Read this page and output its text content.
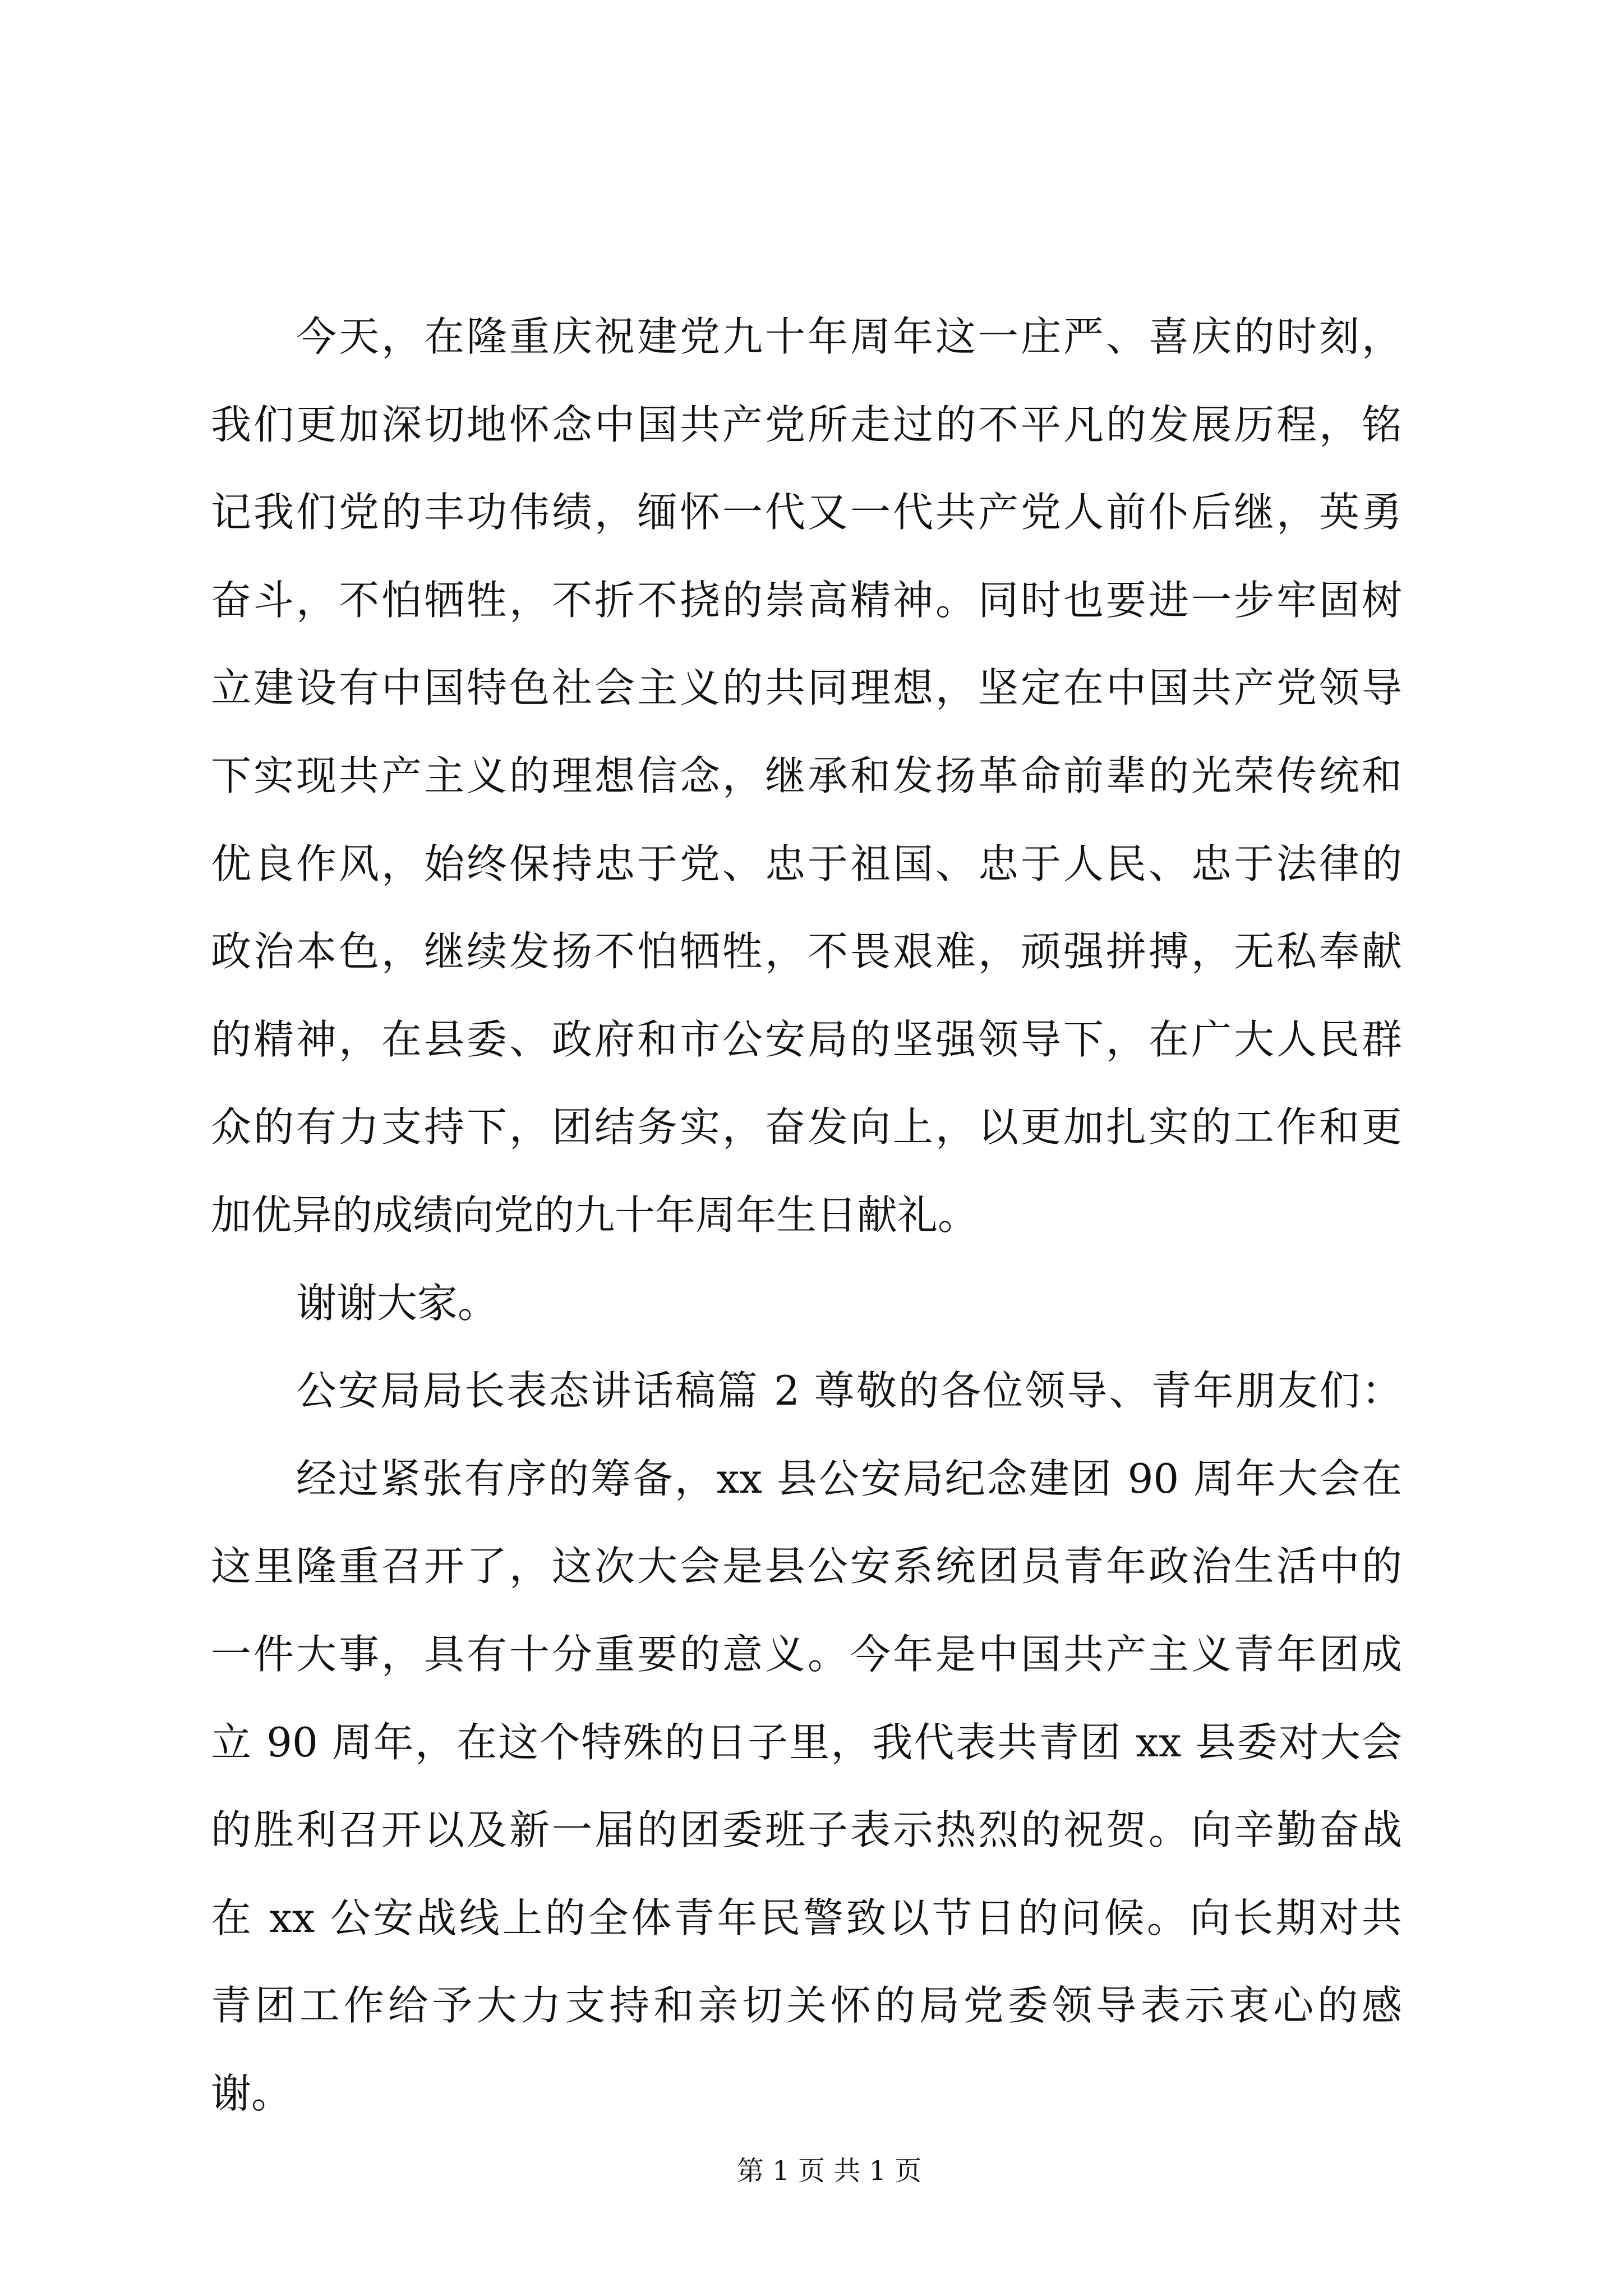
今天，在隆重庆祝建党九十年周年这一庄严、喜庆的时刻，
我们更加深切地怀念中国共产党所走过的不平凡的发展历程，铭
记我们党的丰功伟绩，缅怀一代又一代共产党人前仆后继，英勇
奋斗，不怕牺牲，不折不挠的崇高精神。同时也要进一步牢固树
立建设有中国特色社会主义的共同理想，坚定在中国共产党领导
下实现共产主义的理想信念，继承和发扬革命前辈的光荣传统和
优良作风，始终保持忠于党、忠于祖国、忠于人民、忠于法律的
政治本色，继续发扬不怕牺牲，不畏艰难，顽强拼搏，无私奉献
的精神，在县委、政府和市公安局的坚强领导下，在广大人民群
众的有力支持下，团结务实，奋发向上，以更加扎实的工作和更
加优异的成绩向党的九十年周年生日献礼。
谢谢大家。
公安局局长表态讲话稿篇 2 尊敬的各位领导、青年朋友们：
经过紧张有序的筹备，xx 县公安局纪念建团 90 周年大会在
这里隆重召开了，这次大会是县公安系统团员青年政治生活中的
一件大事，具有十分重要的意义。今年是中国共产主义青年团成
立 90 周年，在这个特殊的日子里，我代表共青团 xx 县委对大会
的胜利召开以及新一届的团委班子表示热烈的祝贺。向辛勤奋战
在 xx 公安战线上的全体青年民警致以节日的问候。向长期对共
青团工作给予大力支持和亲切关怀的局党委领导表示衷心的感
谢。
第 1 页 共 1 页
